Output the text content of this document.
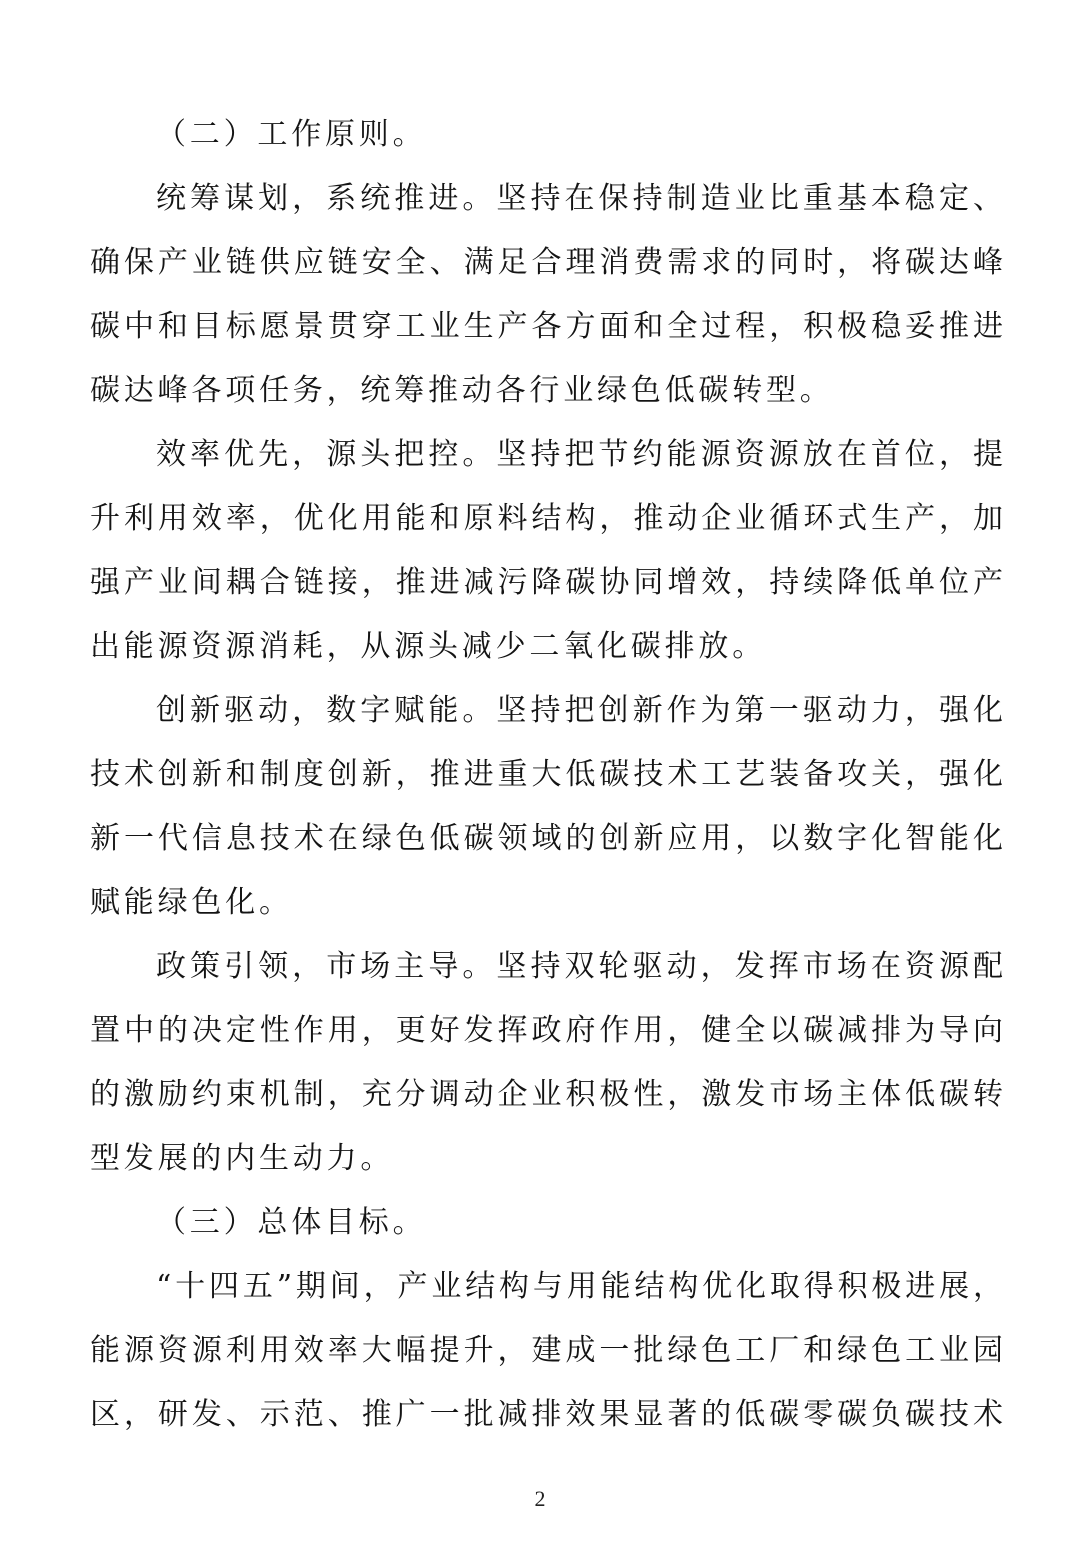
（二）工作原则。
统筹谋划，系统推进。坚持在保持制造业比重基本稳定、
确保产业链供应链安全、满足合理消费需求的同时，将碳达峰
碳中和目标愿景贯穿工业生产各方面和全过程，积极稳妥推进
碳达峰各项任务，统筹推动各行业绿色低碳转型。
效率优先，源头把控。坚持把节约能源资源放在首位，提
升利用效率，优化用能和原料结构，推动企业循环式生产，加
强产业间耦合链接，推进减污降碳协同增效，持续降低单位产
出能源资源消耗，从源头减少二氧化碳排放。
创新驱动，数字赋能。坚持把创新作为第一驱动力，强化
技术创新和制度创新，推进重大低碳技术工艺装备攻关，强化
新一代信息技术在绿色低碳领域的创新应用，以数字化智能化
赋能绿色化。
政策引领，市场主导。坚持双轮驱动，发挥市场在资源配
置中的决定性作用，更好发挥政府作用，健全以碳减排为导向
的激励约束机制，充分调动企业积极性，激发市场主体低碳转
型发展的内生动力。
（三）总体目标。
“十四五”期间，产业结构与用能结构优化取得积极进展，
能源资源利用效率大幅提升，建成一批绿色工厂和绿色工业园
区，研发、示范、推广一批减排效果显著的低碳零碳负碳技术
2
